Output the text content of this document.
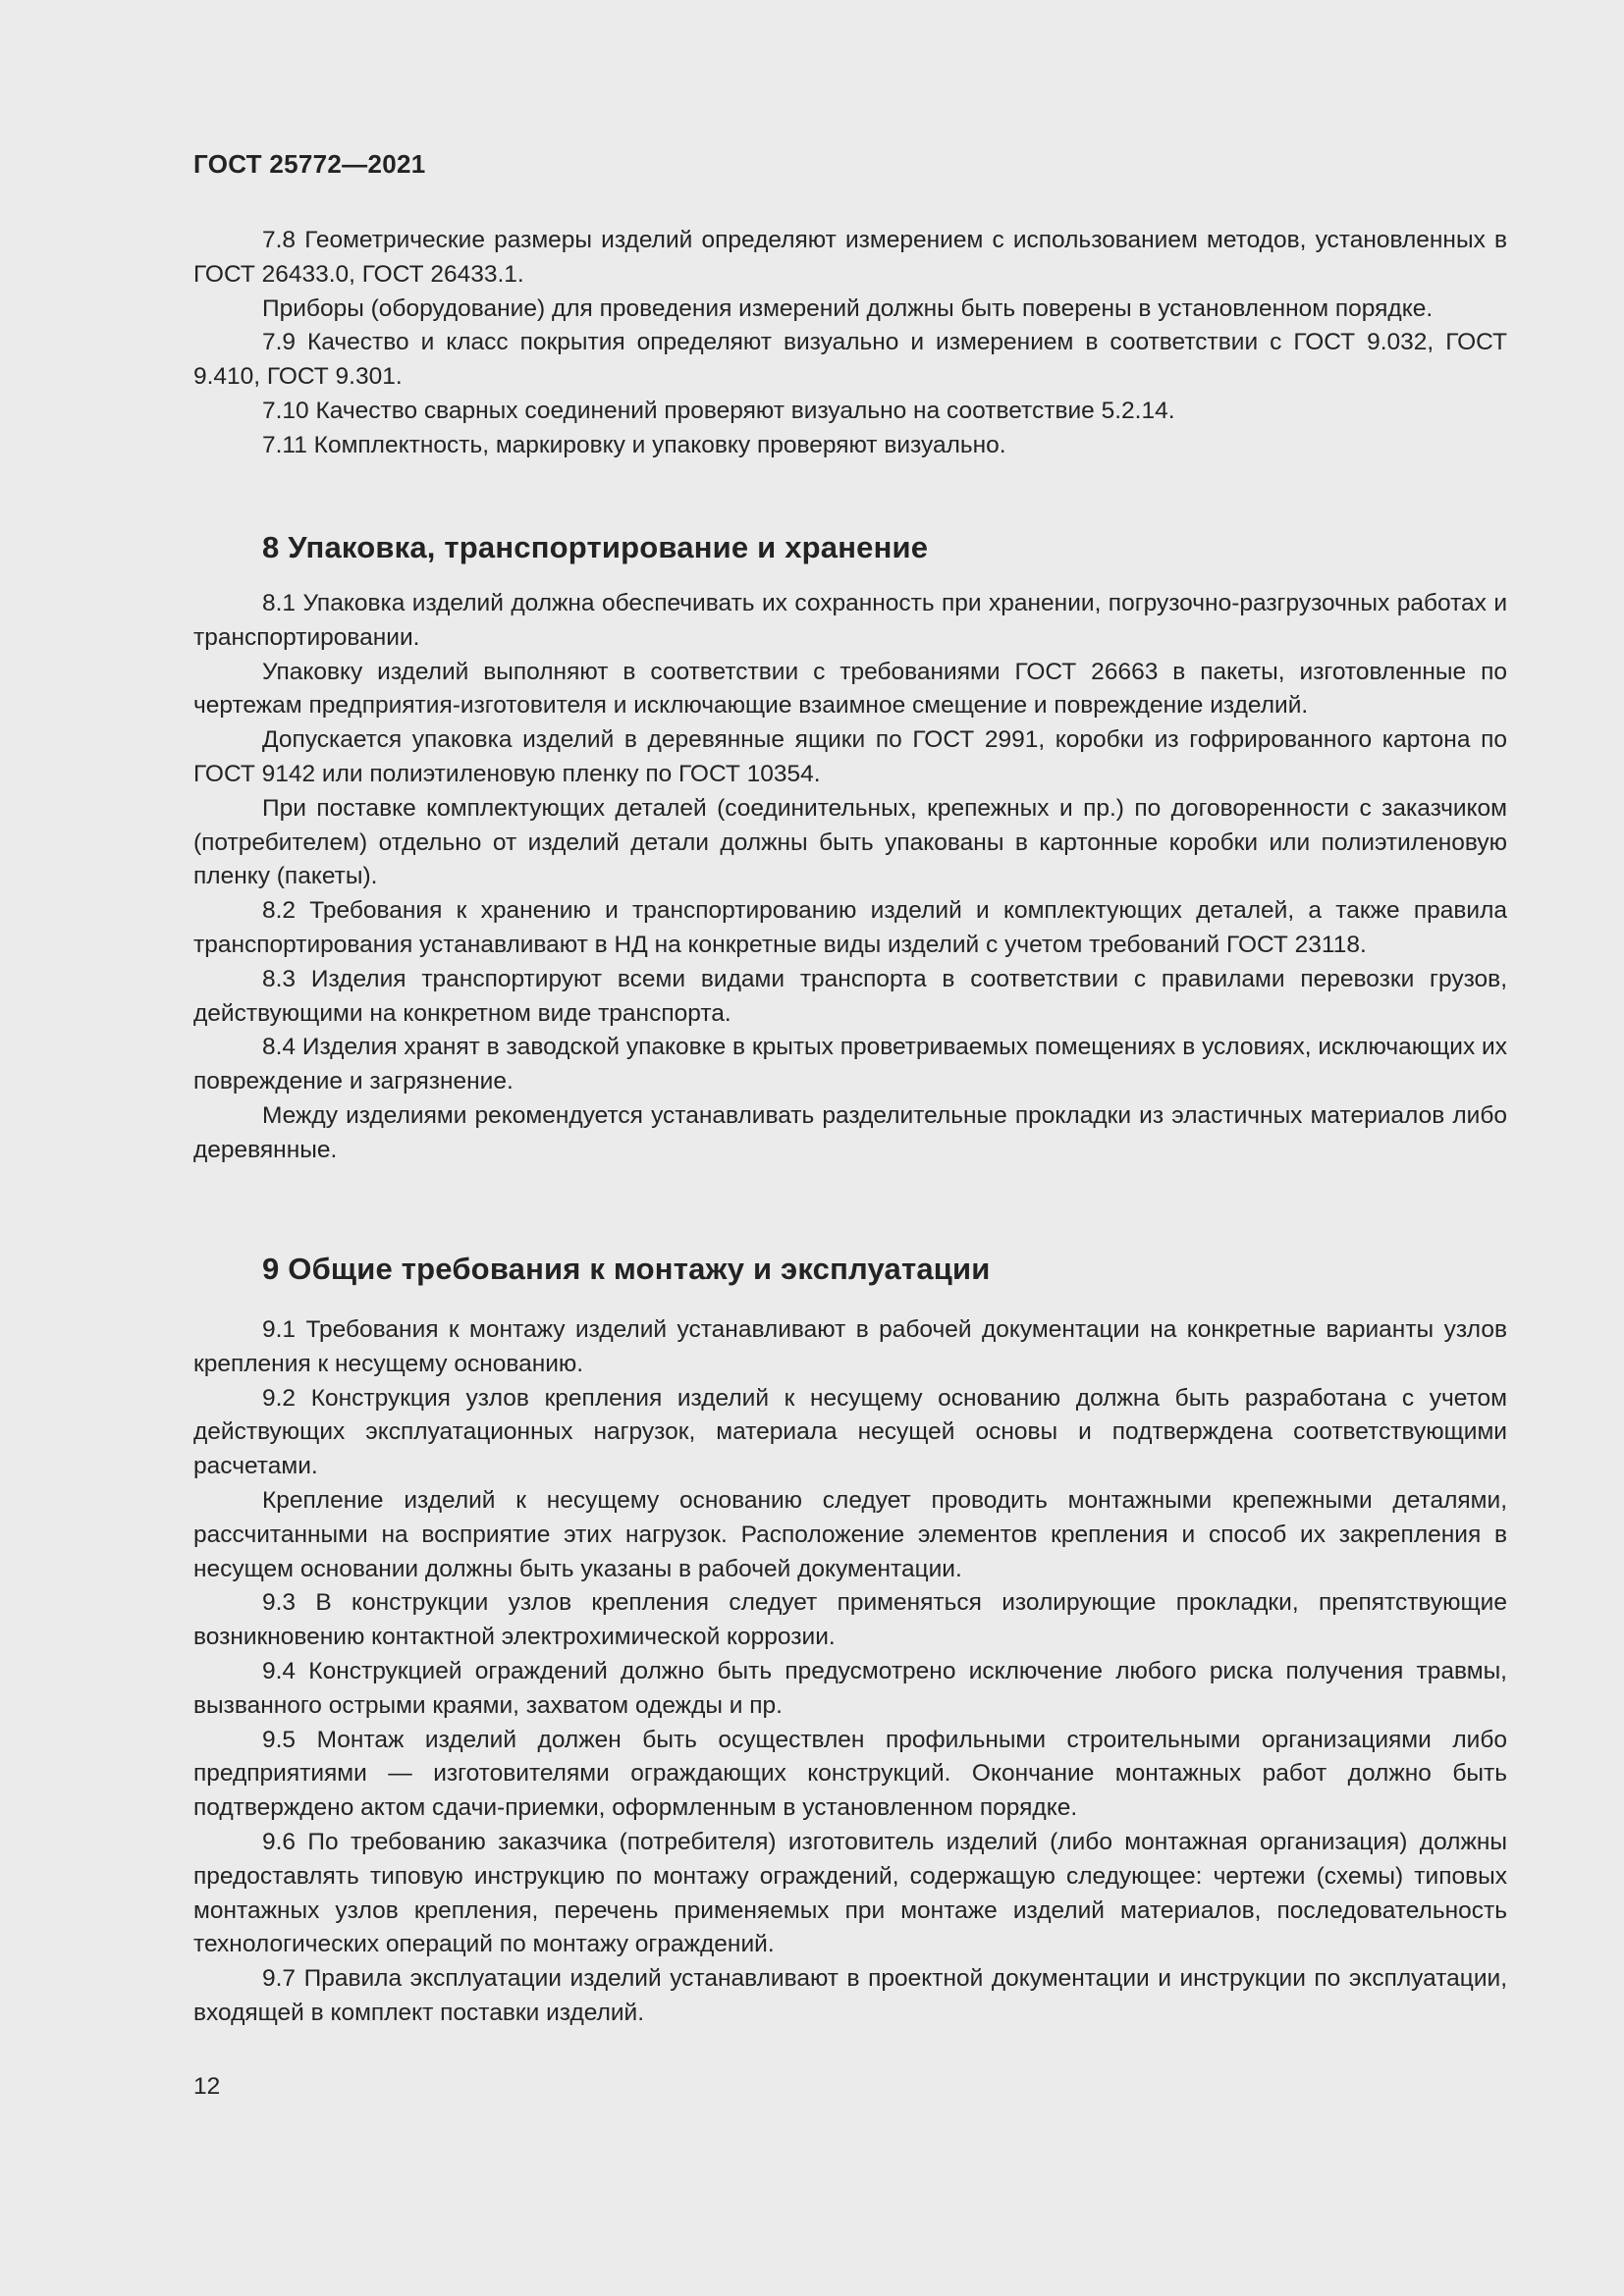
ГОСТ 25772—2021

7.8 Геометрические размеры изделий определяют измерением с использованием методов, установленных в ГОСТ 26433.0, ГОСТ 26433.1.

Приборы (оборудование) для проведения измерений должны быть поверены в установленном порядке.

7.9 Качество и класс покрытия определяют визуально и измерением в соответствии с ГОСТ 9.032, ГОСТ 9.410, ГОСТ 9.301.

7.10 Качество сварных соединений проверяют визуально на соответствие 5.2.14.

7.11 Комплектность, маркировку и упаковку проверяют визуально.

8 Упаковка, транспортирование и хранение

8.1 Упаковка изделий должна обеспечивать их сохранность при хранении, погрузочно-разгрузочных работах и транспортировании.

Упаковку изделий выполняют в соответствии с требованиями ГОСТ 26663 в пакеты, изготовленные по чертежам предприятия-изготовителя и исключающие взаимное смещение и повреждение изделий.

Допускается упаковка изделий в деревянные ящики по ГОСТ 2991, коробки из гофрированного картона по ГОСТ 9142 или полиэтиленовую пленку по ГОСТ 10354.

При поставке комплектующих деталей (соединительных, крепежных и пр.) по договоренности с заказчиком (потребителем) отдельно от изделий детали должны быть упакованы в картонные коробки или полиэтиленовую пленку (пакеты).

8.2 Требования к хранению и транспортированию изделий и комплектующих деталей, а также правила транспортирования устанавливают в НД на конкретные виды изделий с учетом требований ГОСТ 23118.

8.3 Изделия транспортируют всеми видами транспорта в соответствии с правилами перевозки грузов, действующими на конкретном виде транспорта.

8.4 Изделия хранят в заводской упаковке в крытых проветриваемых помещениях в условиях, исключающих их повреждение и загрязнение.

Между изделиями рекомендуется устанавливать разделительные прокладки из эластичных материалов либо деревянные.

9 Общие требования к монтажу и эксплуатации

9.1 Требования к монтажу изделий устанавливают в рабочей документации на конкретные варианты узлов крепления к несущему основанию.

9.2 Конструкция узлов крепления изделий к несущему основанию должна быть разработана с учетом действующих эксплуатационных нагрузок, материала несущей основы и подтверждена соответствующими расчетами.

Крепление изделий к несущему основанию следует проводить монтажными крепежными деталями, рассчитанными на восприятие этих нагрузок. Расположение элементов крепления и способ их закрепления в несущем основании должны быть указаны в рабочей документации.

9.3 В конструкции узлов крепления следует применяться изолирующие прокладки, препятствующие возникновению контактной электрохимической коррозии.

9.4 Конструкцией ограждений должно быть предусмотрено исключение любого риска получения травмы, вызванного острыми краями, захватом одежды и пр.

9.5 Монтаж изделий должен быть осуществлен профильными строительными организациями либо предприятиями — изготовителями ограждающих конструкций. Окончание монтажных работ должно быть подтверждено актом сдачи-приемки, оформленным в установленном порядке.

9.6 По требованию заказчика (потребителя) изготовитель изделий (либо монтажная организация) должны предоставлять типовую инструкцию по монтажу ограждений, содержащую следующее: чертежи (схемы) типовых монтажных узлов крепления, перечень применяемых при монтаже изделий материалов, последовательность технологических операций по монтажу ограждений.

9.7 Правила эксплуатации изделий устанавливают в проектной документации и инструкции по эксплуатации, входящей в комплект поставки изделий.

12
